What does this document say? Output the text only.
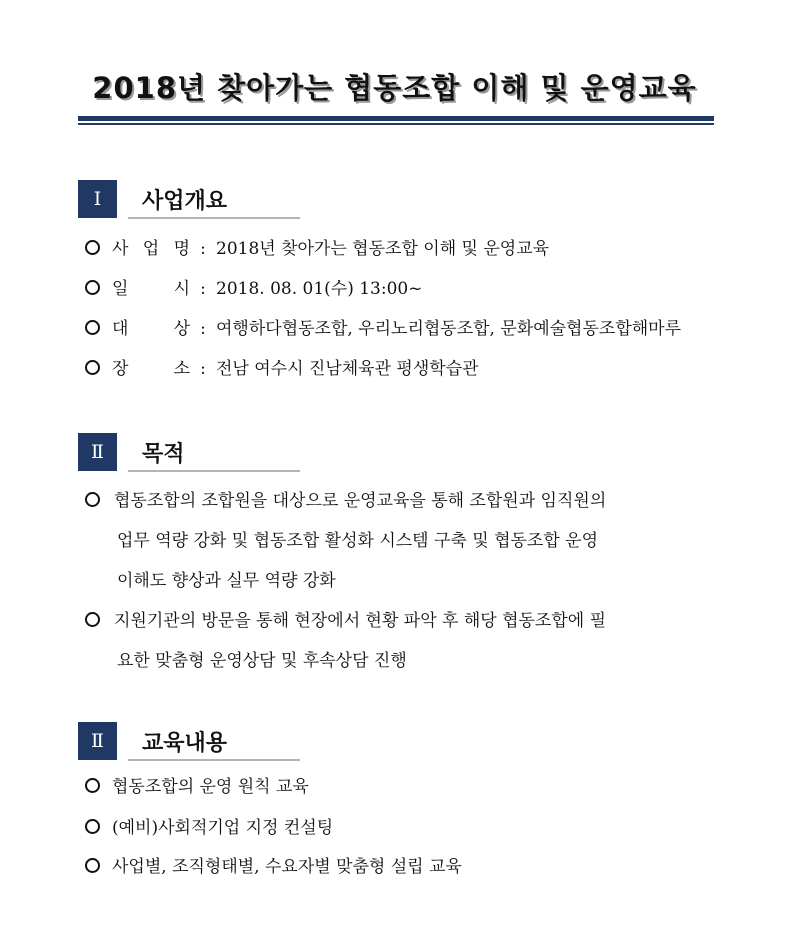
2018년 찾아가는 협동조합 이해 및 운영교육
Ⅰ	사업개요
사 업 명 : 2018년 찾아가는 협동조합 이해 및 운영교육
일 시 : 2018. 08. 01(수) 13:00~
대 상 : 여행하다협동조합, 우리노리협동조합, 문화예술협동조합해마루
장 소 : 전남 여수시 진남체육관 평생학습관
Ⅱ	목적
협동조합의 조합원을 대상으로 운영교육을 통해 조합원과 임직원의
업무 역량 강화 및 협동조합 활성화 시스템 구축 및 협동조합 운영
이해도 향상과 실무 역량 강화
지원기관의 방문을 통해 현장에서 현황 파악 후 해당 협동조합에 필
요한 맞춤형 운영상담 및 후속상담 진행
Ⅱ	교육내용
협동조합의 운영 원칙 교육
(예비)사회적기업 지정 컨설팅
사업별, 조직형태별, 수요자별 맞춤형 설립 교육
